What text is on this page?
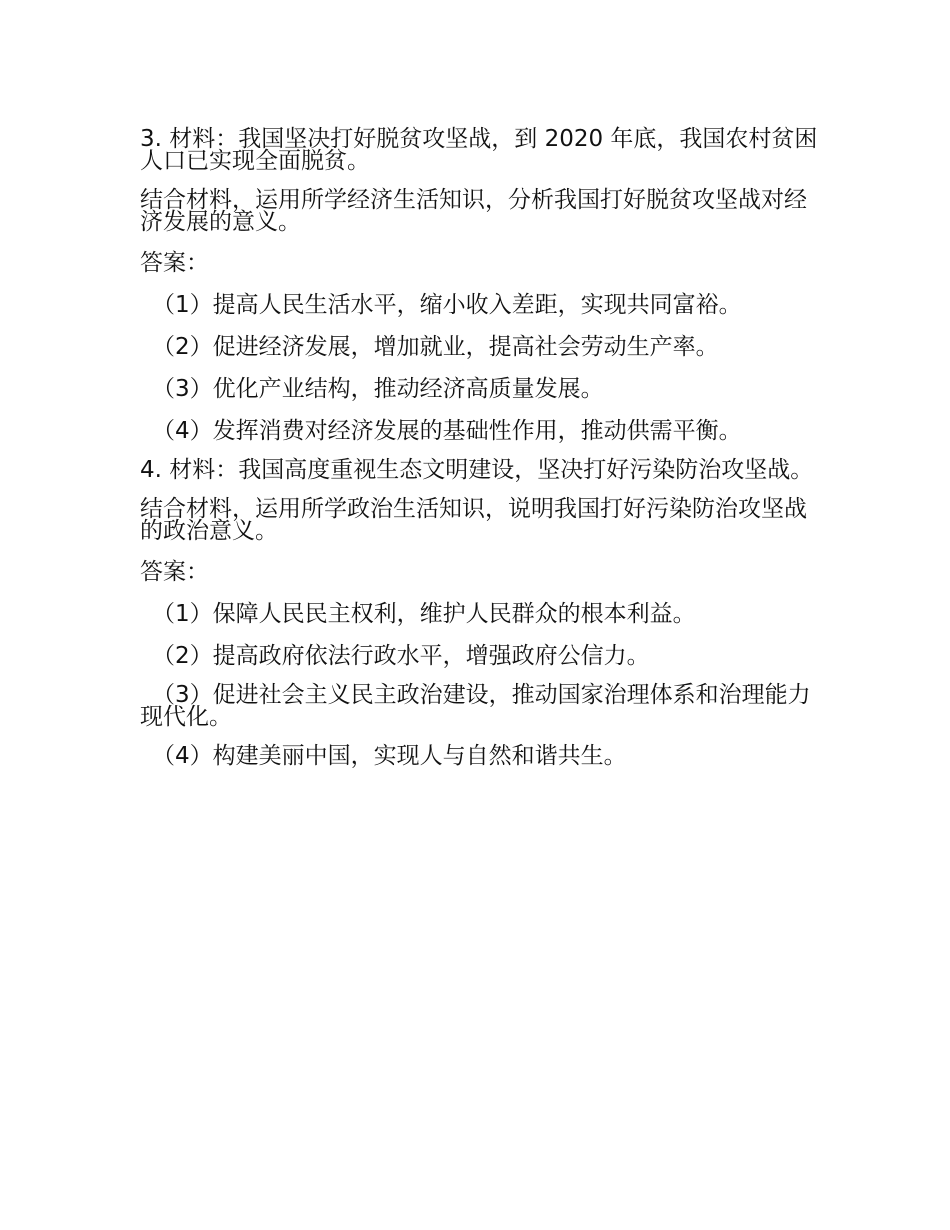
3. 材料：我国坚决打好脱贫攻坚战，到 2020 年底，我国农村贫困人口已实现全面脱贫。

结合材料，运用所学经济生活知识，分析我国打好脱贫攻坚战对经济发展的意义。

答案：

（1）提高人民生活水平，缩小收入差距，实现共同富裕。
（2）促进经济发展，增加就业，提高社会劳动生产率。
（3）优化产业结构，推动经济高质量发展。
（4）发挥消费对经济发展的基础性作用，推动供需平衡。

4. 材料：我国高度重视生态文明建设，坚决打好污染防治攻坚战。

结合材料，运用所学政治生活知识，说明我国打好污染防治攻坚战的政治意义。

答案：

（1）保障人民民主权利，维护人民群众的根本利益。
（2）提高政府依法行政水平，增强政府公信力。
（3）促进社会主义民主政治建设，推动国家治理体系和治理能力现代化。
（4）构建美丽中国，实现人与自然和谐共生。
